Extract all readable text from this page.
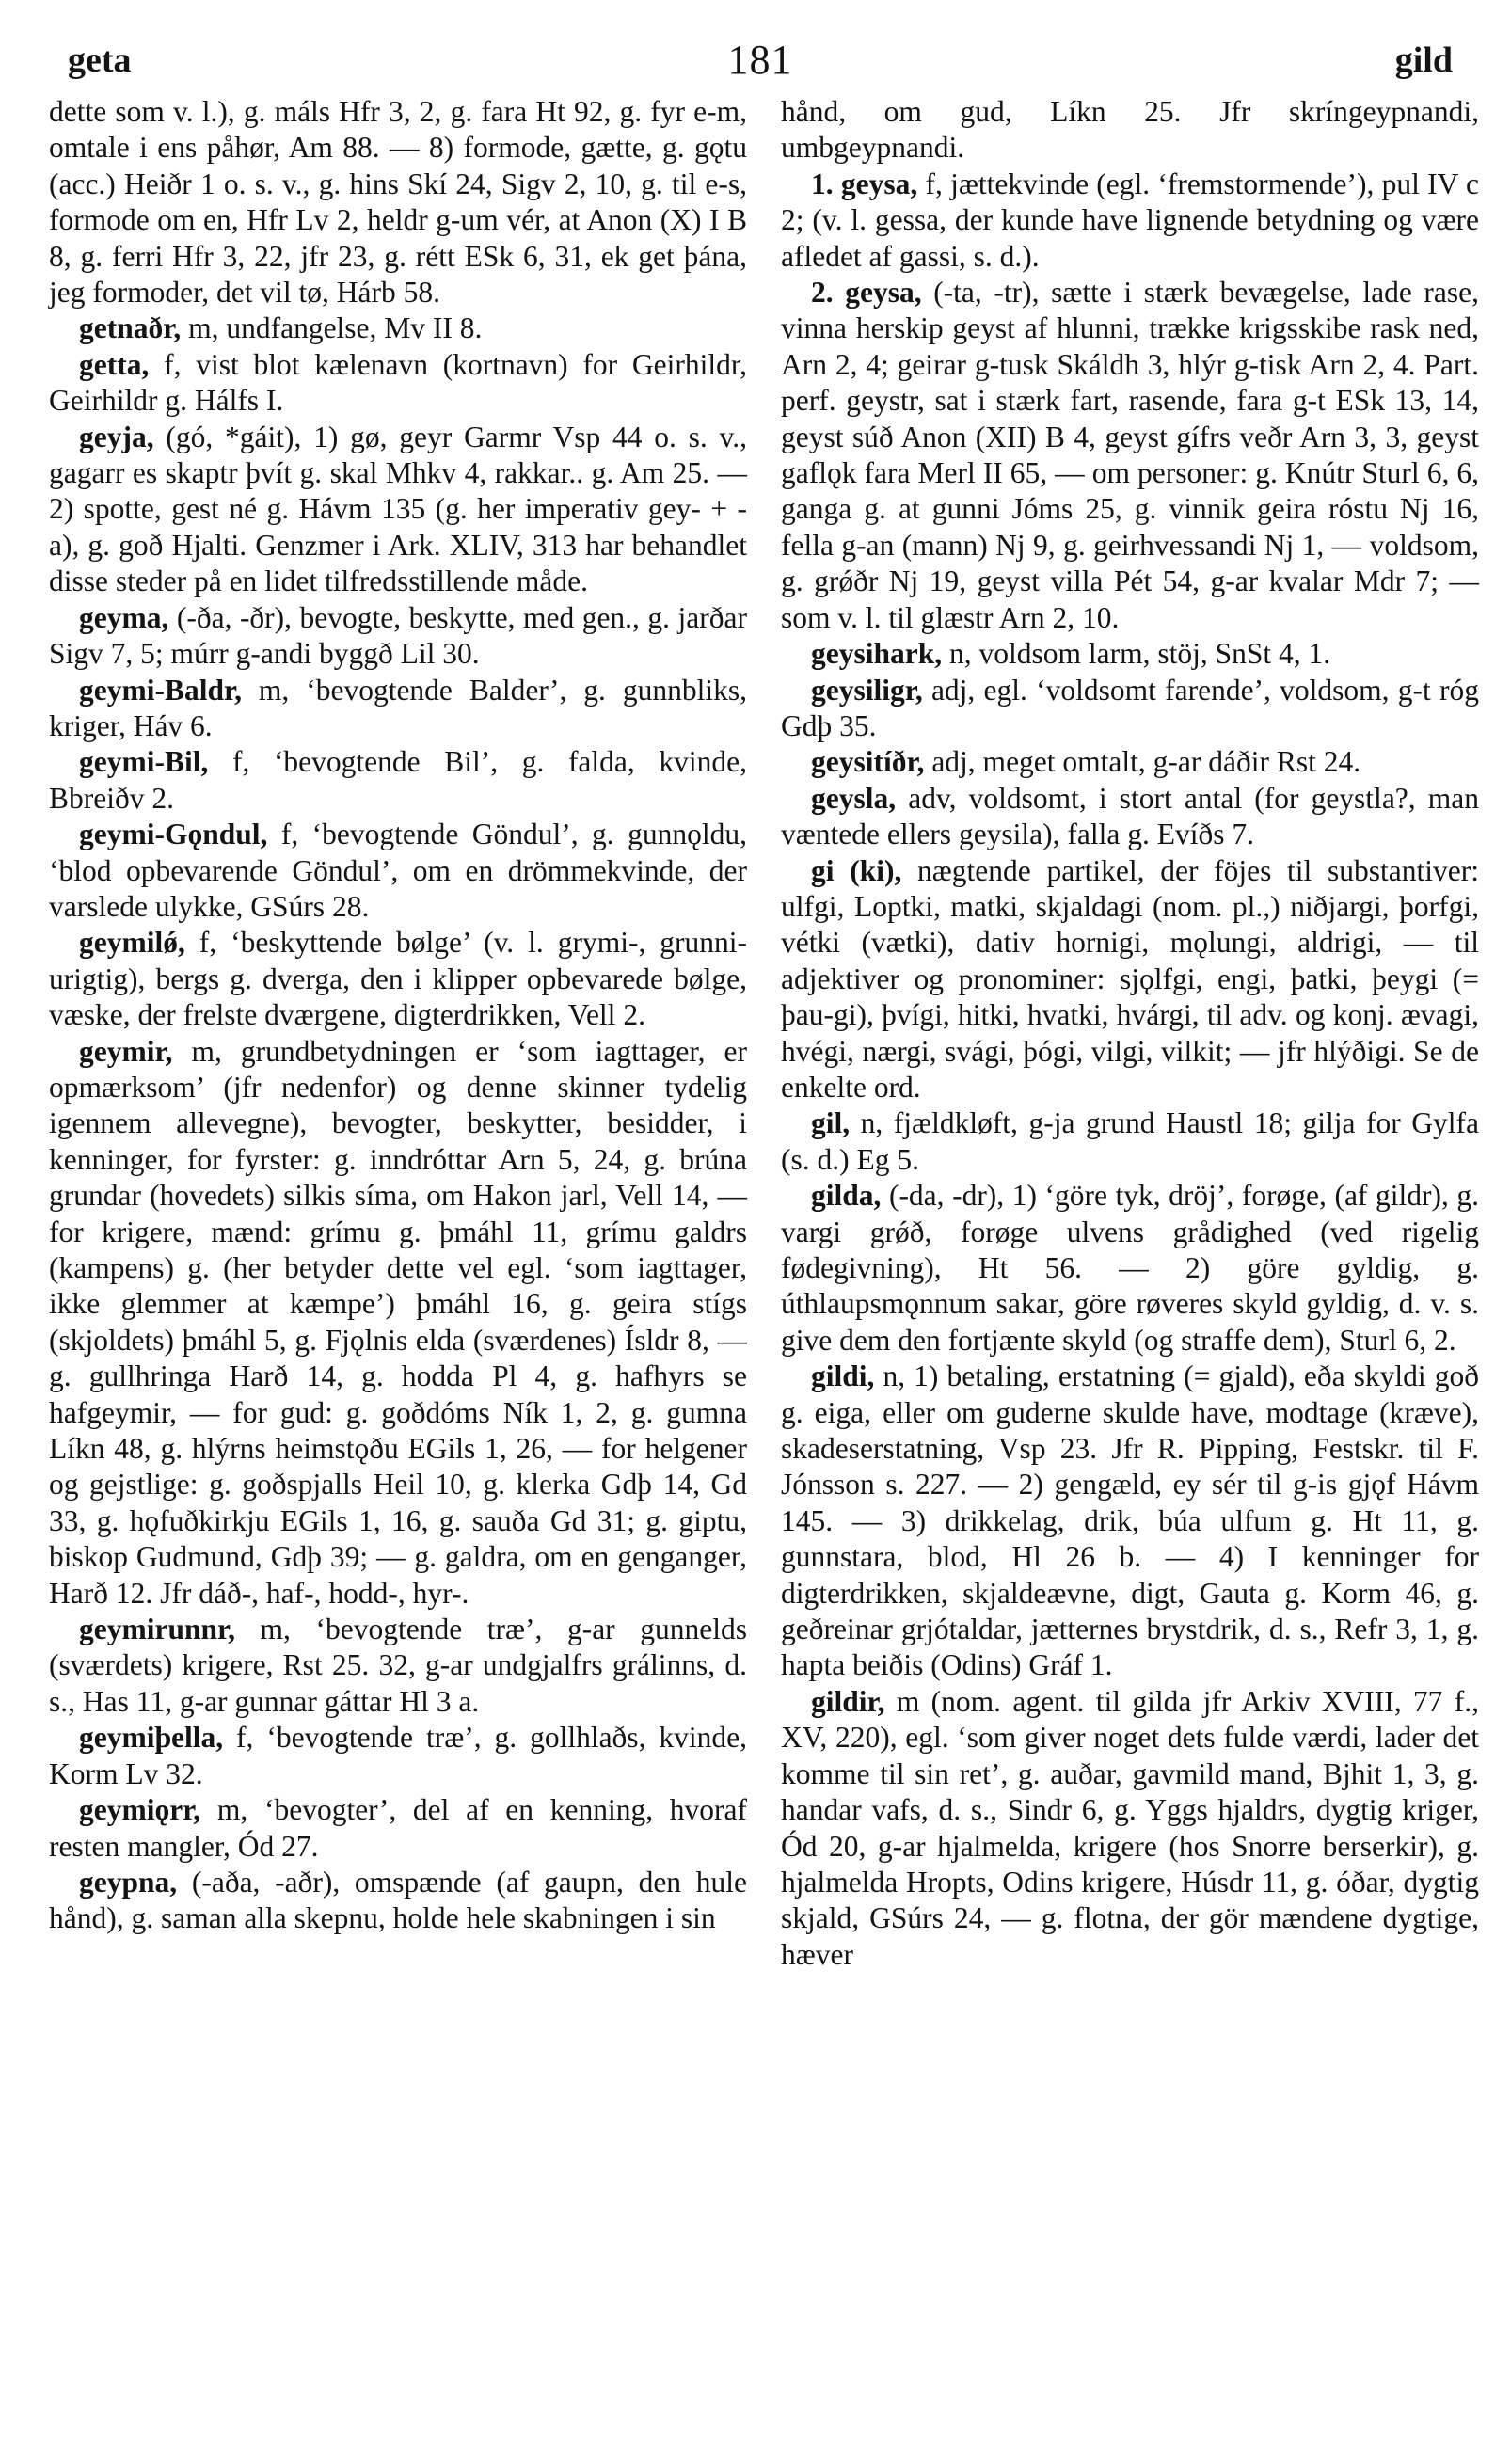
geta	181	gild

dette som v. l.), g. máls Hfr 3, 2, g. fara Ht 92, g. fyr e-m, omtale i ens påhør, Am 88. — 8) formode, gætte, g. gǫtu (acc.) Heiðr 1 o. s. v., g. hins Skí 24, Sigv 2, 10, g. til e-s, formode om en, Hfr Lv 2, heldr g-um vér, at Anon (X) I B 8, g. ferri Hfr 3, 22, jfr 23, g. rétt ESk 6, 31, ek get þána, jeg formoder, det vil tø, Hárb 58.

getnaðr, m, undfangelse, Mv II 8.

getta, f, vist blot kælenavn (kortnavn) for Geirhildr, Geirhildr g. Hálfs I.

geyja, (gó, *gáit), 1) gø, geyr Garmr Vsp 44 o. s. v., gagarr es skaptr þvít g. skal Mhkv 4, rakkar.. g. Am 25. — 2) spotte, gest né g. Hávm 135 (g. her imperativ gey- + -a), g. goð Hjalti. Genzmer i Ark. XLIV, 313 har behandlet disse steder på en lidet tilfredsstillende måde.

geyma, (-ða, -ðr), bevogte, beskytte, med gen., g. jarðar Sigv 7, 5; múrr g-andi byggð Lil 30.

geymi-Baldr, m, ‘bevogtende Balder’, g. gunnbliks, kriger, Háv 6.

geymi-Bil, f, ‘bevogtende Bil’, g. falda, kvinde, Bbreiðv 2.

geymi-Gǫndul, f, ‘bevogtende Göndul’, g. gunnǫldu, ‘blod opbevarende Göndul’, om en drömmekvinde, der varslede ulykke, GSúrs 28.

geymilǿ, f, ‘beskyttende bølge’ (v. l. grymi-, grunni- urigtig), bergs g. dverga, den i klipper opbevarede bølge, væske, der frelste dværgene, digterdrikken, Vell 2.

geymir, m, grundbetydningen er ‘som iagttager, er opmærksom’ (jfr nedenfor) og denne skinner tydelig igennem allevegne), bevogter, beskytter, besidder, i kenninger, for fyrster: g. inndróttar Arn 5, 24, g. brúna grundar (hovedets) silkis síma, om Hakon jarl, Vell 14, — for krigere, mænd: grímu g. þmáhl 11, grímu galdrs (kampens) g. (her betyder dette vel egl. ‘som iagttager, ikke glemmer at kæmpe’) þmáhl 16, g. geira stígs (skjoldets) þmáhl 5, g. Fjǫlnis elda (sværdenes) Ísldr 8, — g. gullhringa Harð 14, g. hodda Pl 4, g. hafhyrs se hafgeymir, — for gud: g. goðdóms Ník 1, 2, g. gumna Líkn 48, g. hlýrns heimstǫðu EGils 1, 26, — for helgener og gejstlige: g. goðspjalls Heil 10, g. klerka Gdþ 14, Gd 33, g. hǫfuðkirkju EGils 1, 16, g. sauða Gd 31; g. giptu, biskop Gudmund, Gdþ 39; — g. galdra, om en genganger, Harð 12. Jfr dáð-, haf-, hodd-, hyr-.

geymirunnr, m, ‘bevogtende træ’, g-ar gunnelds (sværdets) krigere, Rst 25. 32, g-ar undgjalfrs grálinns, d. s., Has 11, g-ar gunnar gáttar Hl 3 a.

geymiþella, f, ‘bevogtende træ’, g. gollhlaðs, kvinde, Korm Lv 32.

geymiǫrr, m, ‘bevogter’, del af en kenning, hvoraf resten mangler, Ód 27.

geypna, (-aða, -aðr), omspænde (af gaupn, den hule hånd), g. saman alla skepnu, holde hele skabningen i sin

hånd, om gud, Líkn 25. Jfr skríngeypnandi, umbgeypnandi.

1. geysa, f, jættekvinde (egl. ‘fremstormende’), pul IV c 2; (v. l. gessa, der kunde have lignende betydning og være afledet af gassi, s. d.).

2. geysa, (-ta, -tr), sætte i stærk bevægelse, lade rase, vinna herskip geyst af hlunni, trække krigsskibe rask ned, Arn 2, 4; geirar g-tusk Skáldh 3, hlýr g-tisk Arn 2, 4. Part. perf. geystr, sat i stærk fart, rasende, fara g-t ESk 13, 14, geyst súð Anon (XII) B 4, geyst gífrs veðr Arn 3, 3, geyst gaflǫk fara Merl II 65, — om personer: g. Knútr Sturl 6, 6, ganga g. at gunni Jóms 25, g. vinnik geira róstu Nj 16, fella g-an (mann) Nj 9, g. geirhvessandi Nj 1, — voldsom, g. grǿðr Nj 19, geyst villa Pét 54, g-ar kvalar Mdr 7; — som v. l. til glæstr Arn 2, 10.

geysihark, n, voldsom larm, stöj, SnSt 4, 1.

geysiligr, adj, egl. ‘voldsomt farende’, voldsom, g-t róg Gdþ 35.

geysitíðr, adj, meget omtalt, g-ar dáðir Rst 24.

geysla, adv, voldsomt, i stort antal (for geystla?, man væntede ellers geysila), falla g. Evíðs 7.

gi (ki), nægtende partikel, der föjes til substantiver: ulfgi, Loptki, matki, skjaldagi (nom. pl.,) niðjargi, þorfgi, vétki (vætki), dativ hornigi, mǫlungi, aldrigi, — til adjektiver og pronominer: sjǫlfgi, engi, þatki, þeygi (= þau-gi), þvígi, hitki, hvatki, hvárgi, til adv. og konj. ævagi, hvégi, nærgi, svági, þógi, vilgi, vilkit; — jfr hlýðigi. Se de enkelte ord.

gil, n, fjældkløft, g-ja grund Haustl 18; gilja for Gylfa (s. d.) Eg 5.

gilda, (-da, -dr), 1) ‘göre tyk, dröj’, forøge, (af gildr), g. vargi grǿð, forøge ulvens grådighed (ved rigelig fødegivning), Ht 56. — 2) göre gyldig, g. úthlaupsmǫnnum sakar, göre røveres skyld gyldig, d. v. s. give dem den fortjænte skyld (og straffe dem), Sturl 6, 2.

gildi, n, 1) betaling, erstatning (= gjald), eða skyldi goð g. eiga, eller om guderne skulde have, modtage (kræve), skadeserstatning, Vsp 23. Jfr R. Pipping, Festskr. til F. Jónsson s. 227. — 2) gengæld, ey sér til g-is gjǫf Hávm 145. — 3) drikkelag, drik, búa ulfum g. Ht 11, g. gunnstara, blod, Hl 26 b. — 4) I kenninger for digterdrikken, skjaldeævne, digt, Gauta g. Korm 46, g. geðreinar grjótaldar, jætternes brystdrik, d. s., Refr 3, 1, g. hapta beiðis (Odins) Gráf 1.

gildir, m (nom. agent. til gilda jfr Arkiv XVIII, 77 f., XV, 220), egl. ‘som giver noget dets fulde værdi, lader det komme til sin ret’, g. auðar, gavmild mand, Bjhit 1, 3, g. handar vafs, d. s., Sindr 6, g. Yggs hjaldrs, dygtig kriger, Ód 20, g-ar hjalmelda, krigere (hos Snorre berserkir), g. hjalmelda Hropts, Odins krigere, Húsdr 11, g. óðar, dygtig skjald, GSúrs 24, — g. flotna, der gör mændene dygtige, hæver
